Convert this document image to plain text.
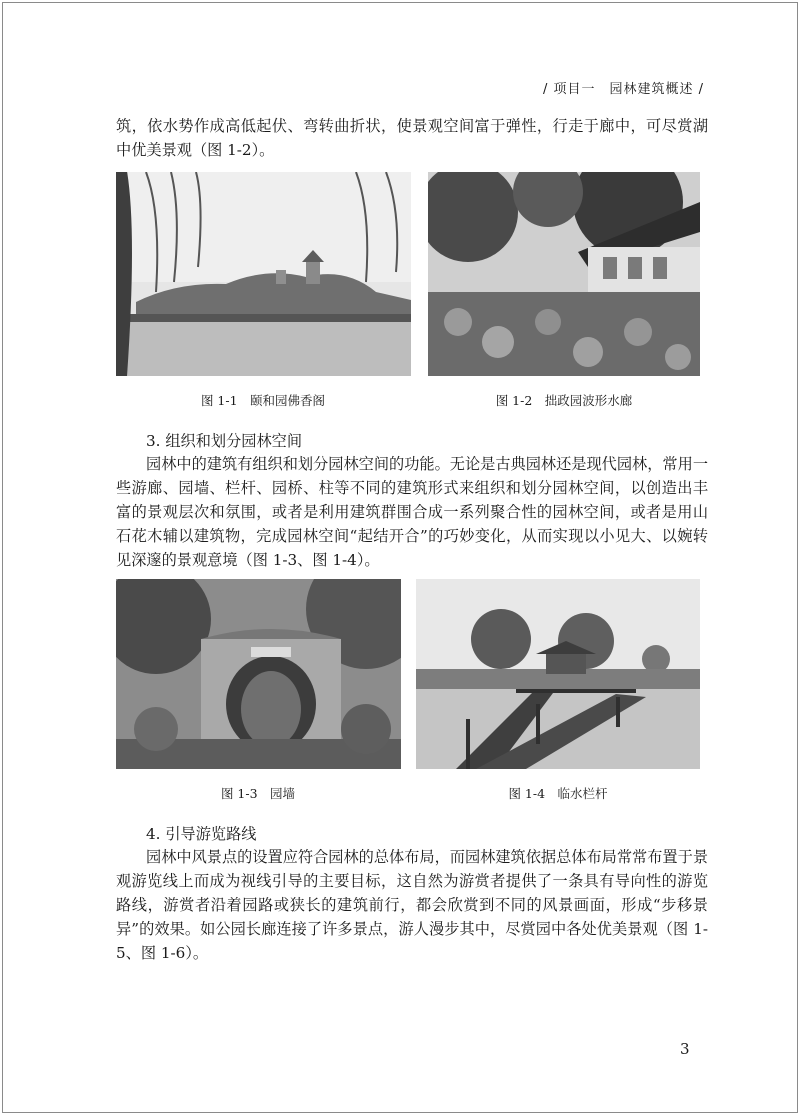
/ 项目一　园林建筑概述 /

筑，依水势作成高低起伏、弯转曲折状，使景观空间富于弹性，行走于廊中，可尽赏湖中优美景观（图 1-2）。

图 1-1　颐和园佛香阁	图 1-2　拙政园波形水廊

3. 组织和划分园林空间

园林中的建筑有组织和划分园林空间的功能。无论是古典园林还是现代园林，常用一些游廊、园墙、栏杆、园桥、柱等不同的建筑形式来组织和划分园林空间，以创造出丰富的景观层次和氛围，或者是利用建筑群围合成一系列聚合性的园林空间，或者是用山石花木辅以建筑物，完成园林空间“起结开合”的巧妙变化，从而实现以小见大、以婉转见深邃的景观意境（图 1-3、图 1-4）。

图 1-3　园墙	图 1-4　临水栏杆

4. 引导游览路线

园林中风景点的设置应符合园林的总体布局，而园林建筑依据总体布局常常布置于景观游览线上而成为视线引导的主要目标，这自然为游赏者提供了一条具有导向性的游览路线，游赏者沿着园路或狭长的建筑前行，都会欣赏到不同的风景画面，形成“步移景异”的效果。如公园长廊连接了许多景点，游人漫步其中，尽赏园中各处优美景观（图 1-5、图 1-6）。

3
